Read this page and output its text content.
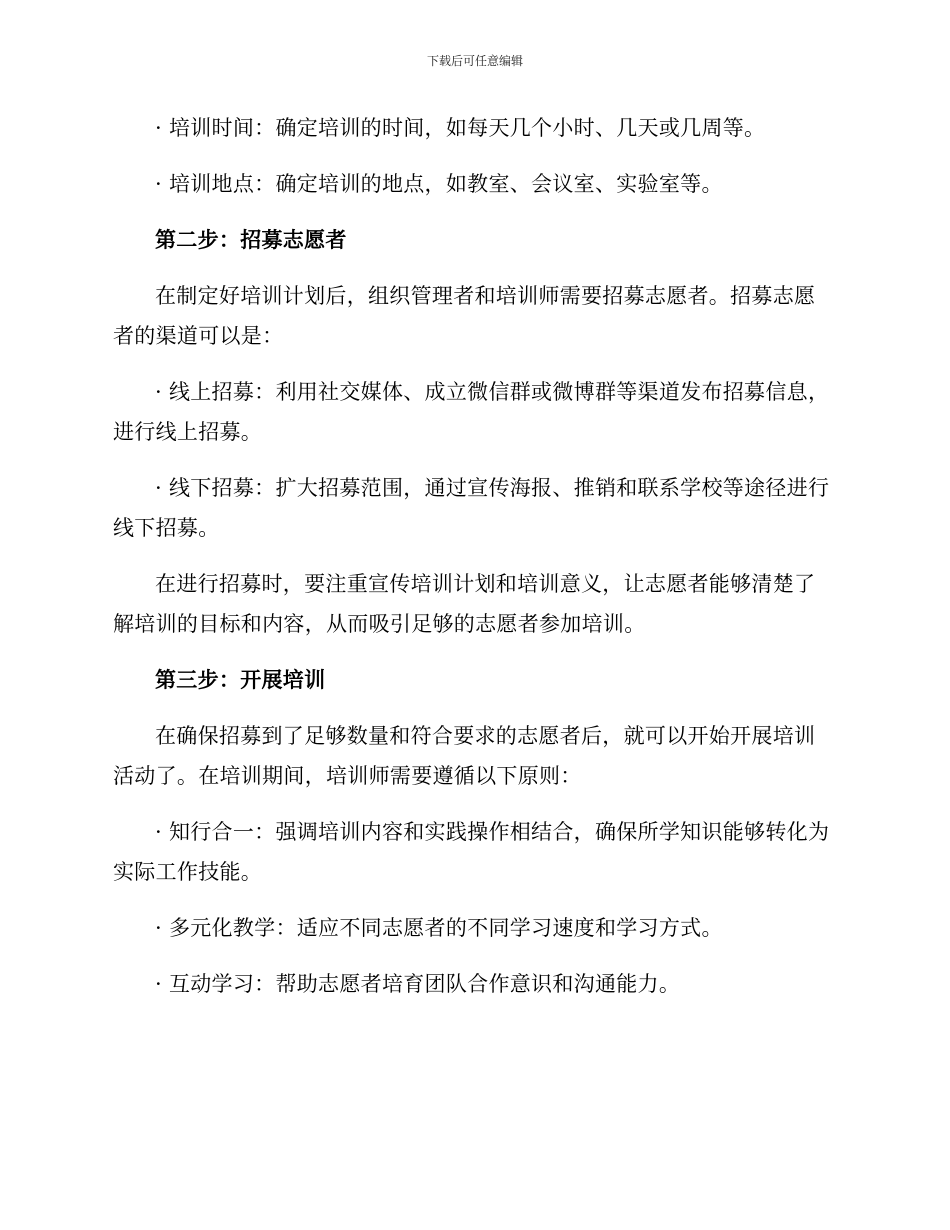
下载后可任意编辑

· 培训时间：确定培训的时间，如每天几个小时、几天或几周等。

· 培训地点：确定培训的地点，如教室、会议室、实验室等。

第二步：招募志愿者

在制定好培训计划后，组织管理者和培训师需要招募志愿者。招募志愿者的渠道可以是：

· 线上招募：利用社交媒体、成立微信群或微博群等渠道发布招募信息，进行线上招募。

· 线下招募：扩大招募范围，通过宣传海报、推销和联系学校等途径进行线下招募。

在进行招募时，要注重宣传培训计划和培训意义，让志愿者能够清楚了解培训的目标和内容，从而吸引足够的志愿者参加培训。

第三步：开展培训

在确保招募到了足够数量和符合要求的志愿者后，就可以开始开展培训活动了。在培训期间，培训师需要遵循以下原则：

· 知行合一：强调培训内容和实践操作相结合，确保所学知识能够转化为实际工作技能。

· 多元化教学：适应不同志愿者的不同学习速度和学习方式。

· 互动学习：帮助志愿者培育团队合作意识和沟通能力。
